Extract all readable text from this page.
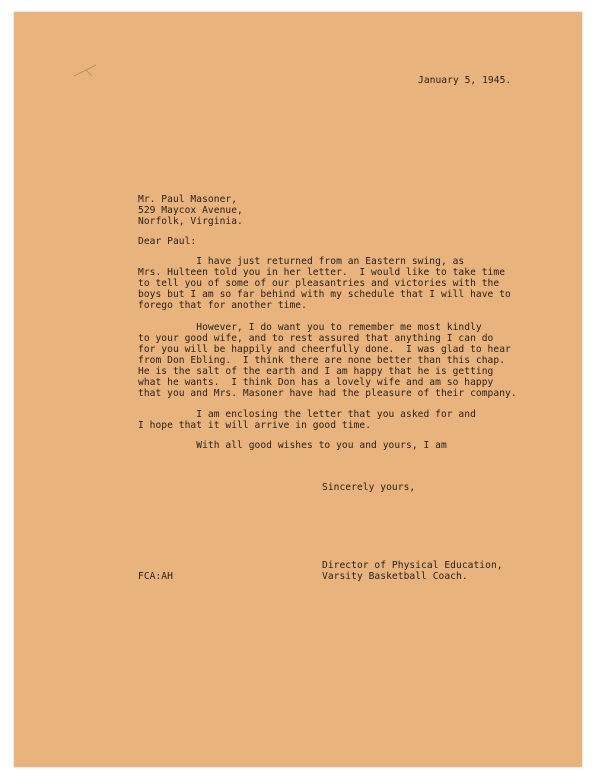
January 5, 1945.
Mr. Paul Masoner,
529 Maycox Avenue,
Norfolk, Virginia.
Dear Paul:
I have just returned from an Eastern swing, as
Mrs. Hulteen told you in her letter.  I would like to take time
to tell you of some of our pleasantries and victories with the
boys but I am so far behind with my schedule that I will have to
forego that for another time.
However, I do want you to remember me most kindly
to your good wife, and to rest assured that anything I can do
for you will be happily and cheerfully done.  I was glad to hear
from Don Ebling.  I think there are none better than this chap.
He is the salt of the earth and I am happy that he is getting
what he wants.  I think Don has a lovely wife and am so happy
that you and Mrs. Masoner have had the pleasure of their company.
I am enclosing the letter that you asked for and
I hope that it will arrive in good time.
With all good wishes to you and yours, I am
Sincerely yours,
FCA:AH
Director of Physical Education,
Varsity Basketball Coach.
